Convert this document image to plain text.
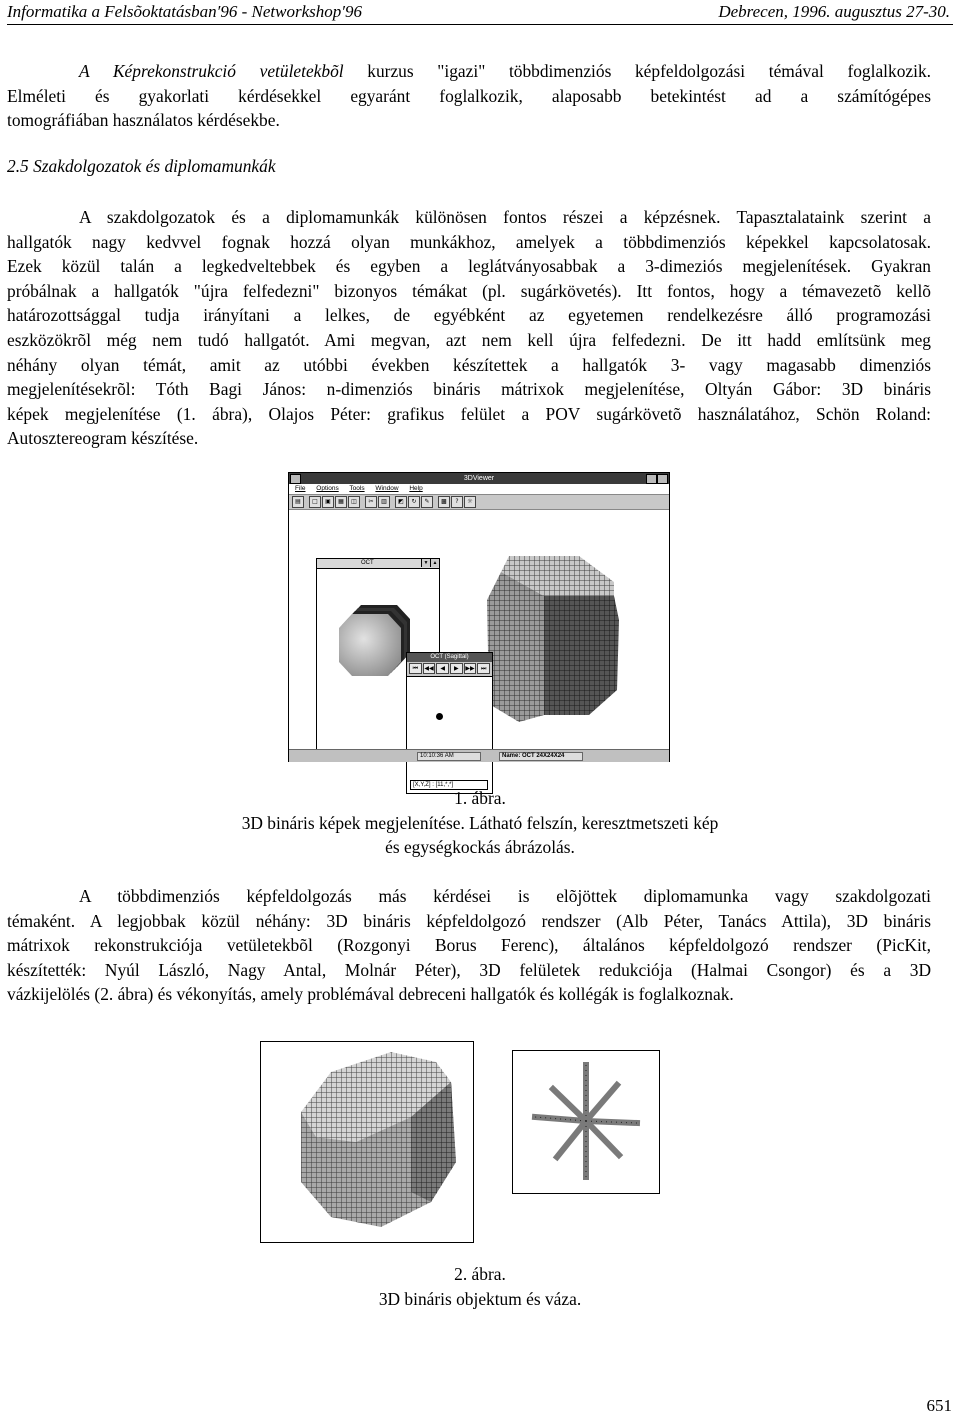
Informatika a Felsõoktatásban′96 - Networkshop′96	Debrecen, 1996. augusztus 27-30.
A Képrekonstrukció vetületekbõl kurzus "igazi" többdimenziós képfeldolgozási témával foglalkozik.
Elméleti és gyakorlati kérdésekkel egyaránt foglalkozik, alaposabb betekintést ad a számítógépes
tomográfiában használatos kérdésekbe.
2.5 Szakdolgozatok és diplomamunkák
A szakdolgozatok és a diplomamunkák különösen fontos részei a képzésnek. Tapasztalataink szerint a
hallgatók nagy kedvvel fognak hozzá olyan munkákhoz, amelyek a többdimenziós képekkel kapcsolatosak.
Ezek közül talán a legkedveltebbek és egyben a leglátványosabbak a 3-dimeziós megjelenítések. Gyakran
próbálnak a hallgatók "újra felfedezni" bizonyos témákat (pl. sugárkövetés). Itt fontos, hogy a témavezetõ kellõ
határozottsággal tudja irányítani a lelkes, de egyébként az egyetemen rendelkezésre álló programozási
eszközökrõl még nem tudó hallgatót. Ami megvan, azt nem kell újra felfedezni. De itt hadd említsünk meg
néhány olyan témát, amit az utóbbi években készítettek a hallgatók 3- vagy magasabb dimenziós
megjelenítésekrõl: Tóth Bagi János: n-dimenziós bináris mátrixok megjelenítése, Oltyán Gábor: 3D bináris
képek megjelenítése (1. ábra), Olajos Péter: grafikus felület a POV sugárkövetõ használatához, Schön Roland:
Autosztereogram készítése.
3DViewer
File Options Tools Window Help
▤	□	▣	▦	◫	✂	▥	◩	↻	✎	▩	?	☼
OCT	▼ ▲
OCT (Sagittal)
⏮	◀◀	◀	▶	▶▶	⏭
[X,Y,Z] : [11,*,*]
10:10:36 AM	Name: OCT 24X24X24
1. ábra.
3D bináris képek megjelenítése. Látható felszín, keresztmetszeti kép
és egységkockás ábrázolás.
A többdimenziós képfeldolgozás más kérdései is elõjöttek diplomamunka vagy szakdolgozati
témaként. A legjobbak közül néhány: 3D bináris képfeldolgozó rendszer (Alb Péter, Tanács Attila), 3D bináris
mátrixok rekonstrukciója vetületekbõl (Rozgonyi Borus Ferenc), általános képfeldolgozó rendszer (PicKit,
készítették: Nyúl László, Nagy Antal, Molnár Péter), 3D felületek redukciója (Halmai Csongor) és a 3D
vázkijelölés (2. ábra) és vékonyítás, amely problémával debreceni hallgatók és kollégák is foglalkoznak.
2. ábra.
3D bináris objektum és váza.
651
